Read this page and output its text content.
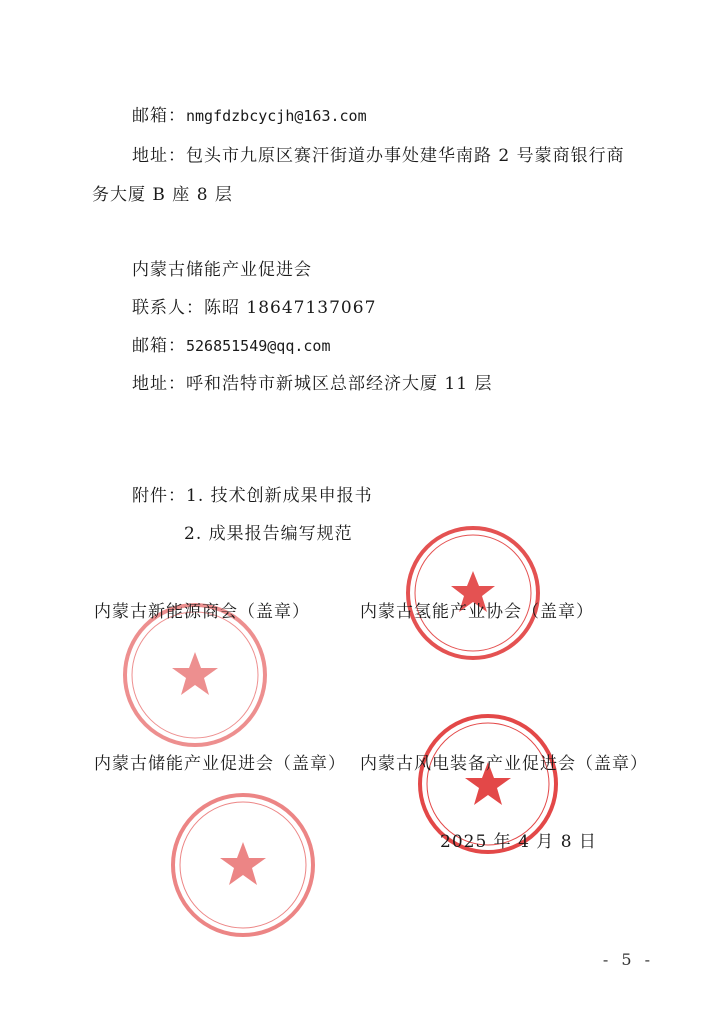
邮箱：nmgfdzbcycjh@163.com
地址：包头市九原区赛汗街道办事处建华南路 2 号蒙商银行商
务大厦 B 座 8 层
内蒙古储能产业促进会
联系人：陈昭 18647137067
邮箱：526851549@qq.com
地址：呼和浩特市新城区总部经济大厦 11 层
附件：1. 技术创新成果申报书
2. 成果报告编写规范
内蒙古新能源商会（盖章）	内蒙古氢能产业协会（盖章）
内蒙古储能产业促进会（盖章） 内蒙古风电装备产业促进会（盖章）
2025 年 4 月 8 日
- 5 -
